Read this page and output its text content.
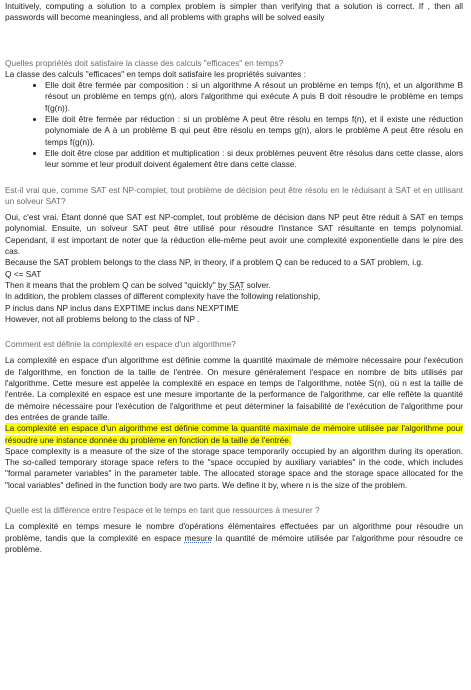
Intuitively, computing a solution to a complex problem is simpler than verifying that a solution is correct. If , then all passwords will become meaningless, and all problems with graphs will be solved easily

Quelles propriétés doit satisfaire la classe des calculs "efficaces" en temps?

La classe des calculs "efficaces" en temps doit satisfaire les propriétés suivantes :

• Elle doit être fermée par composition : si un algorithme A résout un problème en temps f(n), et un algorithme B résout un problème en temps g(n), alors l'algorithme qui exécute A puis B doit résoudre le problème en temps f(g(n)).
• Elle doit être fermée par réduction : si un problème A peut être résolu en temps f(n), et il existe une réduction polynomiale de A à un problème B qui peut être résolu en temps g(n), alors le problème A peut être résolu en temps f(g(n)).
• Elle doit être close par addition et multiplication : si deux problèmes peuvent être résolus dans cette classe, alors leur somme et leur produit doivent également être dans cette classe.

Est-il vrai que, comme SAT est NP-complet, tout problème de décision peut être résolu en le réduisant à SAT et en utilisant un solveur SAT?

Oui, c'est vrai. Étant donné que SAT est NP-complet, tout problème de décision dans NP peut être réduit à SAT en temps polynomial. Ensuite, un solveur SAT peut être utilisé pour résoudre l'instance SAT résultante en temps polynomial. Cependant, il est important de noter que la réduction elle-même peut avoir une complexité exponentielle dans le pire des cas.

Because the SAT problem belongs to the class NP, in theory, if a problem Q can be reduced to a SAT problem, i.g.

Q <= SAT

Then it means that the problem Q can be solved "quickly" by SAT solver.

In addition, the problem classes of different complexity have the following relationship,

P inclus dans NP inclus dans EXPTIME inclus dans NEXPTIME

However, not all problems belong to the class of NP .

Comment est définie la complexité en espace d'un algorithme?

La complexité en espace d'un algorithme est définie comme la quantité maximale de mémoire nécessaire pour l'exécution de l'algorithme, en fonction de la taille de l'entrée. On mesure généralement l'espace en nombre de bits utilisés par l'algorithme. Cette mesure est appelée la complexité en espace en temps de l'algorithme, notée S(n), où n est la taille de l'entrée. La complexité en espace est une mesure importante de la performance de l'algorithme, car elle reflète la quantité de mémoire nécessaire pour l'exécution de l'algorithme et peut déterminer la faisabilité de l'exécution de l'algorithme pour des entrées de grande taille.

La complexité en espace d'un algorithme est définie comme la quantité maximale de mémoire utilisée par l'algorithme pour résoudre une instance donnée du problème en fonction de la taille de l'entrée.

Space complexity is a measure of the size of the storage space temporarily occupied by an algorithm during its operation. The so-called temporary storage space refers to the "space occupied by auxiliary variables" in the code, which includes "formal parameter variables" in the parameter table. The allocated storage space and the storage space allocated for the "local variables" defined in the function body are two parts. We define it by, where n is the size of the problem.

Quelle est la différence entre l'espace et le temps en tant que ressources à mesurer ?

La complexité en temps mesure le nombre d'opérations élémentaires effectuées par un algorithme pour résoudre un problème, tandis que la complexité en espace mesure la quantité de mémoire utilisée par l'algorithme pour résoudre ce problème.
